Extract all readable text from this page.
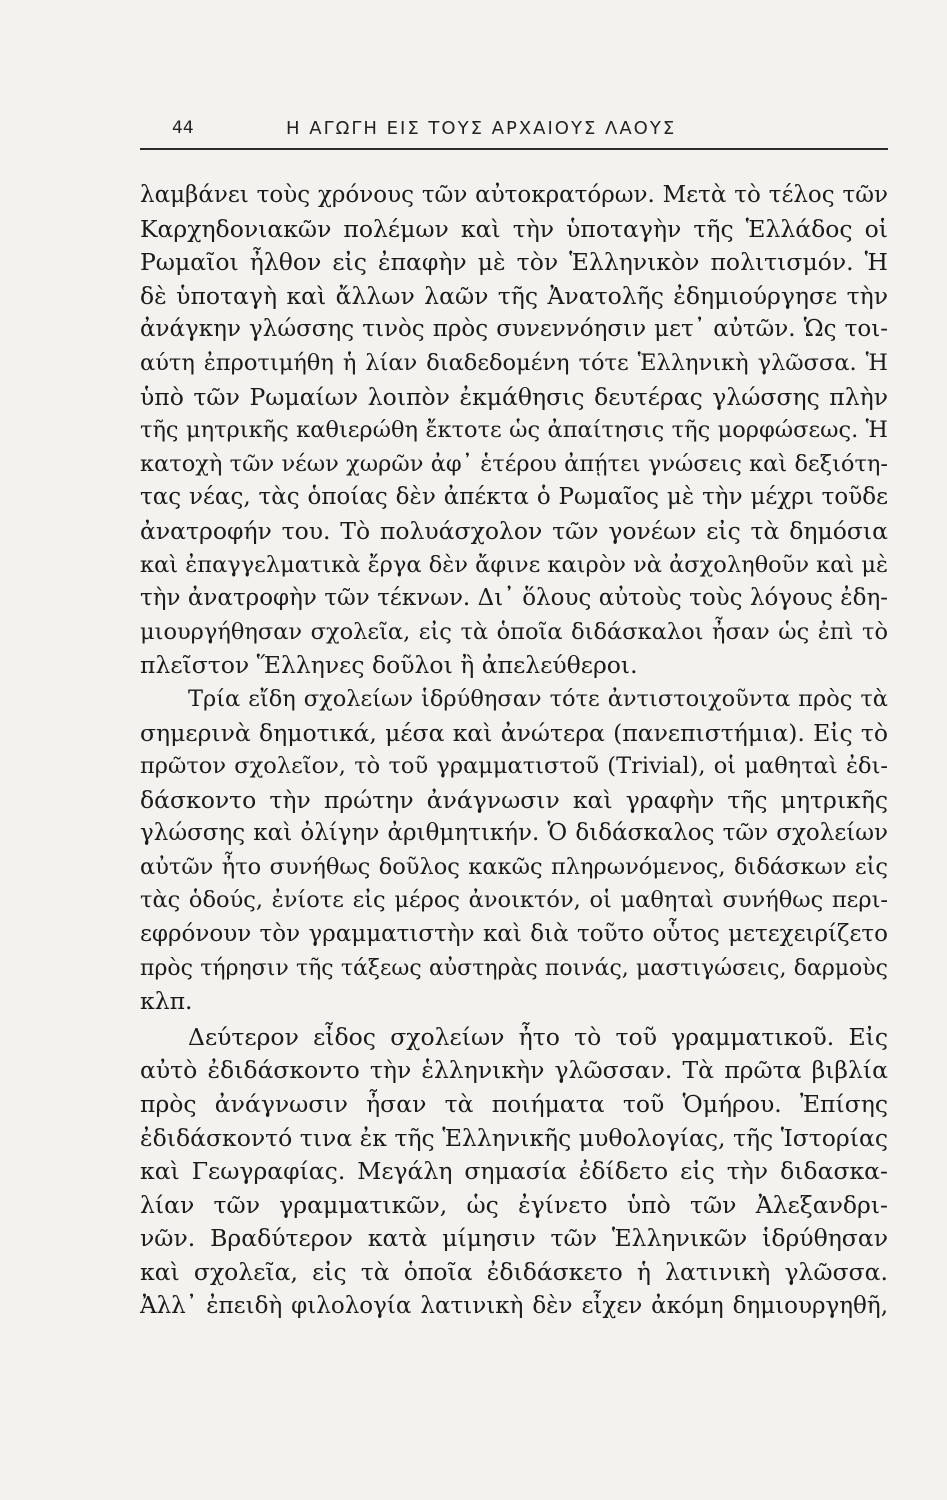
44	Η ΑΓΩΓΗ ΕΙΣ ΤΟΥΣ ΑΡΧΑΙΟΥΣ ΛΑΟΥΣ
λαμβάνει τοὺς χρόνους τῶν αὐτοκρατόρων. Μετὰ τὸ τέλος τῶν
Καρχηδονιακῶν πολέμων καὶ τὴν ὑποταγὴν τῆς Ἑλλάδος οἱ
Ρωμαῖοι ἦλθον εἰς ἐπαφὴν μὲ τὸν Ἑλληνικὸν πολιτισμόν. Ἡ
δὲ ὑποταγὴ καὶ ἄλλων λαῶν τῆς Ἀνατολῆς ἐδημιούργησε τὴν
ἀνάγκην γλώσσης τινὸς πρὸς συνεννόησιν μετ᾽ αὐτῶν. Ὡς τοι-
αύτη ἐπροτιμήθη ἡ λίαν διαδεδομένη τότε Ἑλληνικὴ γλῶσσα. Ἡ
ὑπὸ τῶν Ρωμαίων λοιπὸν ἐκμάθησις δευτέρας γλώσσης πλὴν
τῆς μητρικῆς καθιερώθη ἔκτοτε ὡς ἀπαίτησις τῆς μορφώσεως. Ἡ
κατοχὴ τῶν νέων χωρῶν ἀφ᾽ ἑτέρου ἀπῄτει γνώσεις καὶ δεξιότη-
τας νέας, τὰς ὁποίας δὲν ἀπέκτα ὁ Ρωμαῖος μὲ τὴν μέχρι τοῦδε
ἀνατροφήν του. Τὸ πολυάσχολον τῶν γονέων εἰς τὰ δημόσια
καὶ ἐπαγγελματικὰ ἔργα δὲν ἄφινε καιρὸν νὰ ἀσχοληθοῦν καὶ μὲ
τὴν ἀνατροφὴν τῶν τέκνων. Δι᾽ ὅλους αὐτοὺς τοὺς λόγους ἐδη-
μιουργήθησαν σχολεῖα, εἰς τὰ ὁποῖα διδάσκαλοι ἦσαν ὡς ἐπὶ τὸ
πλεῖστον Ἕλληνες δοῦλοι ἢ ἀπελεύθεροι.
Τρία εἴδη σχολείων ἱδρύθησαν τότε ἀντιστοιχοῦντα πρὸς τὰ
σημερινὰ δημοτικά, μέσα καὶ ἀνώτερα (πανεπιστήμια). Εἰς τὸ
πρῶτον σχολεῖον, τὸ τοῦ γραμματιστοῦ (Trivial), οἱ μαθηταὶ ἐδι-
δάσκοντο τὴν πρώτην ἀνάγνωσιν καὶ γραφὴν τῆς μητρικῆς
γλώσσης καὶ ὀλίγην ἀριθμητικήν. Ὁ διδάσκαλος τῶν σχολείων
αὐτῶν ἦτο συνήθως δοῦλος κακῶς πληρωνόμενος, διδάσκων εἰς
τὰς ὁδούς, ἐνίοτε εἰς μέρος ἀνοικτόν, οἱ μαθηταὶ συνήθως περι-
εφρόνουν τὸν γραμματιστὴν καὶ διὰ τοῦτο οὗτος μετεχειρίζετο
πρὸς τήρησιν τῆς τάξεως αὐστηρὰς ποινάς, μαστιγώσεις, δαρμοὺς
κλπ.
Δεύτερον εἶδος σχολείων ἦτο τὸ τοῦ γραμματικοῦ. Εἰς
αὐτὸ ἐδιδάσκοντο τὴν ἑλληνικὴν γλῶσσαν. Τὰ πρῶτα βιβλία
πρὸς ἀνάγνωσιν ἦσαν τὰ ποιήματα τοῦ Ὁμήρου. Ἐπίσης
ἐδιδάσκοντό τινα ἐκ τῆς Ἑλληνικῆς μυθολογίας, τῆς Ἱστορίας
καὶ Γεωγραφίας. Μεγάλη σημασία ἐδίδετο εἰς τὴν διδασκα-
λίαν τῶν γραμματικῶν, ὡς ἐγίνετο ὑπὸ τῶν Ἀλεξανδρι-
νῶν. Βραδύτερον κατὰ μίμησιν τῶν Ἑλληνικῶν ἱδρύθησαν
καὶ σχολεῖα, εἰς τὰ ὁποῖα ἐδιδάσκετο ἡ λατινικὴ γλῶσσα.
Ἀλλ᾽ ἐπειδὴ φιλολογία λατινικὴ δὲν εἶχεν ἀκόμη δημιουργηθῆ,
